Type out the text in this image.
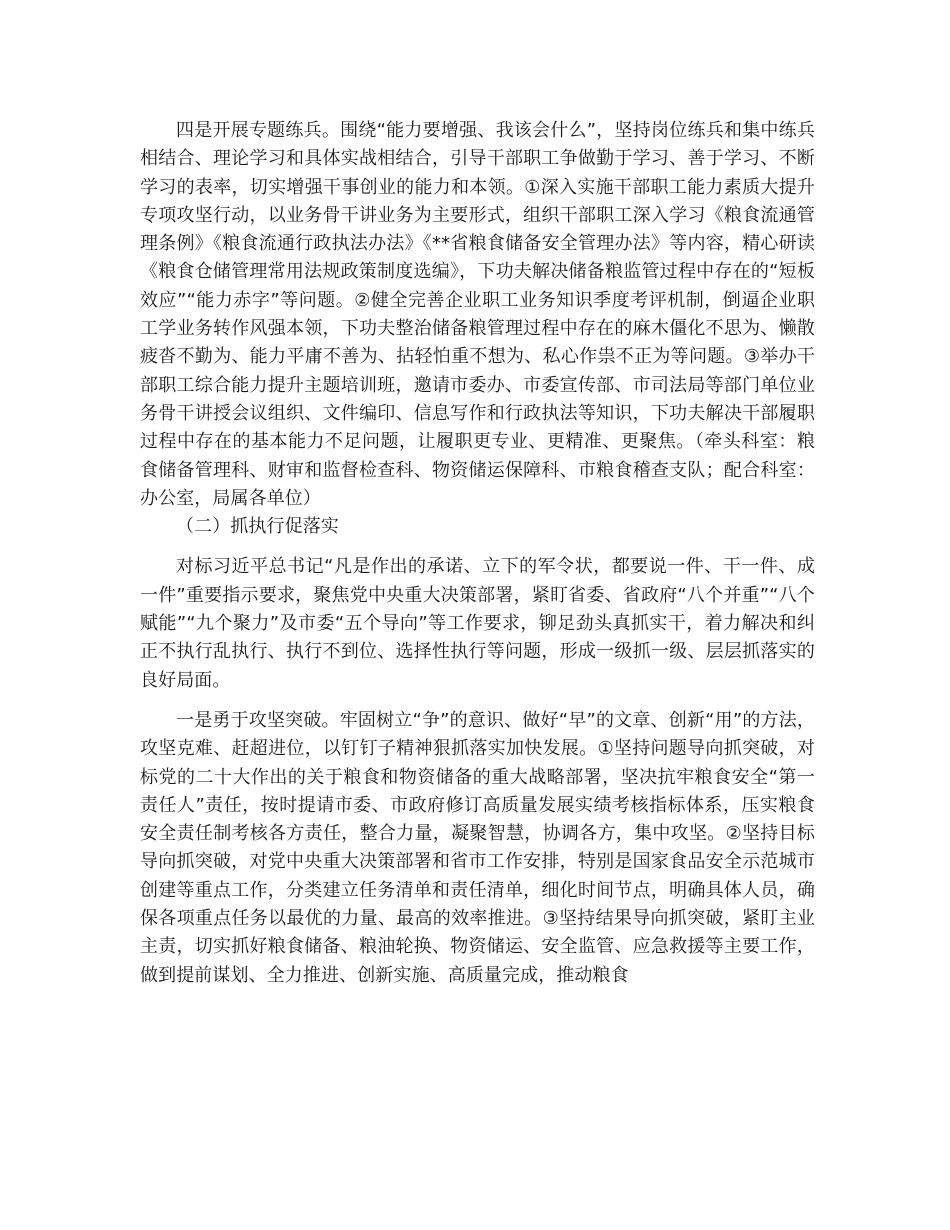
四是开展专题练兵。围绕“能力要增强、我该会什么”，坚持岗位练兵和集中练兵相结合、理论学习和具体实战相结合，引导干部职工争做勤于学习、善于学习、不断学习的表率，切实增强干事创业的能力和本领。①深入实施干部职工能力素质大提升专项攻坚行动，以业务骨干讲业务为主要形式，组织干部职工深入学习《粮食流通管理条例》《粮食流通行政执法办法》《**省粮食储备安全管理办法》等内容，精心研读《粮食仓储管理常用法规政策制度选编》，下功夫解决储备粮监管过程中存在的“短板效应”“能力赤字”等问题。②健全完善企业职工业务知识季度考评机制，倒逼企业职工学业务转作风强本领，下功夫整治储备粮管理过程中存在的麻木僵化不思为、懒散疲沓不勤为、能力平庸不善为、拈轻怕重不想为、私心作祟不正为等问题。③举办干部职工综合能力提升主题培训班，邀请市委办、市委宣传部、市司法局等部门单位业务骨干讲授会议组织、文件编印、信息写作和行政执法等知识，下功夫解决干部履职过程中存在的基本能力不足问题，让履职更专业、更精准、更聚焦。（牵头科室：粮食储备管理科、财审和监督检查科、物资储运保障科、市粮食稽查支队；配合科室：办公室，局属各单位）

（二）抓执行促落实

对标习近平总书记“凡是作出的承诺、立下的军令状，都要说一件、干一件、成一件”重要指示要求，聚焦党中央重大决策部署，紧盯省委、省政府“八个并重”“八个赋能”“九个聚力”及市委“五个导向”等工作要求，铆足劲头真抓实干，着力解决和纠正不执行乱执行、执行不到位、选择性执行等问题，形成一级抓一级、层层抓落实的良好局面。

一是勇于攻坚突破。牢固树立“争”的意识、做好“早”的文章、创新“用”的方法，攻坚克难、赶超进位，以钉钉子精神狠抓落实加快发展。①坚持问题导向抓突破，对标党的二十大作出的关于粮食和物资储备的重大战略部署，坚决抗牢粮食安全“第一责任人”责任，按时提请市委、市政府修订高质量发展实绩考核指标体系，压实粮食安全责任制考核各方责任，整合力量，凝聚智慧，协调各方，集中攻坚。②坚持目标导向抓突破，对党中央重大决策部署和省市工作安排，特别是国家食品安全示范城市创建等重点工作，分类建立任务清单和责任清单，细化时间节点，明确具体人员，确保各项重点任务以最优的力量、最高的效率推进。③坚持结果导向抓突破，紧盯主业主责，切实抓好粮食储备、粮油轮换、物资储运、安全监管、应急救援等主要工作，做到提前谋划、全力推进、创新实施、高质量完成，推动粮食
